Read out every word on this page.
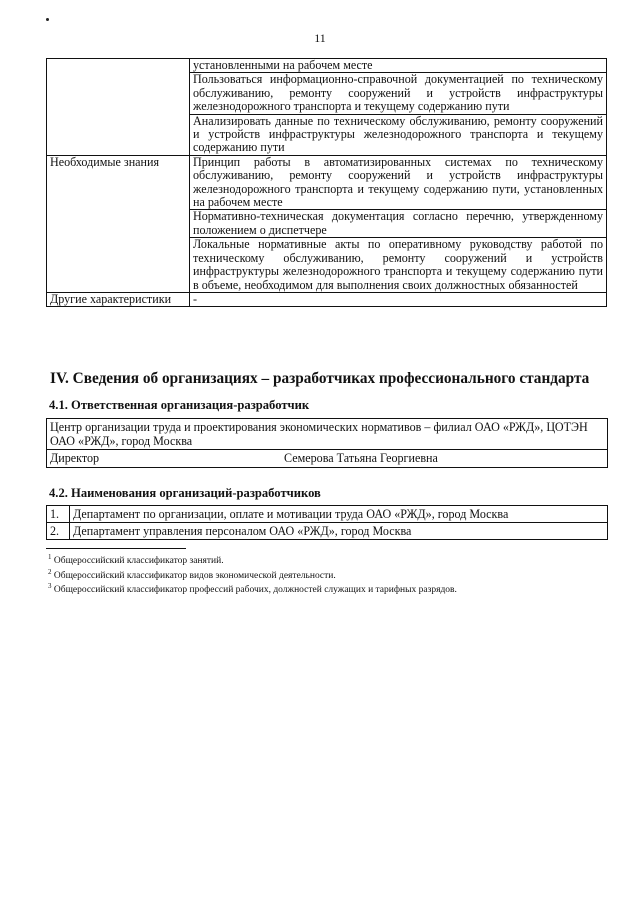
11
	установленными на рабочем месте
	Пользоваться информационно-справочной документацией по техническому обслуживанию, ремонту сооружений и устройств инфраструктуры железнодорожного транспорта и текущему содержанию пути
	Анализировать данные по техническому обслуживанию, ремонту сооружений и устройств инфраструктуры железнодорожного транспорта и текущему содержанию пути
Необходимые знания	Принцип работы в автоматизированных системах по техническому обслуживанию, ремонту сооружений и устройств инфраструктуры железнодорожного транспорта и текущему содержанию пути, установленных на рабочем месте
	Нормативно-техническая документация согласно перечню, утвержденному положением о диспетчере
	Локальные нормативные акты по оперативному руководству работой по техническому обслуживанию, ремонту сооружений и устройств инфраструктуры железнодорожного транспорта и текущему содержанию пути в объеме, необходимом для выполнения своих должностных обязанностей
Другие характеристики	-
IV. Сведения об организациях – разработчиках профессионального стандарта
4.1. Ответственная организация-разработчик
Центр организации труда и проектирования экономических нормативов – филиал ОАО «РЖД», ЦОТЭН ОАО «РЖД», город Москва

Директор	Семерова Татьяна Георгиевна
4.2. Наименования организаций-разработчиков
1.	Департамент по организации, оплате и мотивации труда ОАО «РЖД», город Москва
2.	Департамент управления персоналом ОАО «РЖД», город Москва
$^1$ Общероссийский классификатор занятий.
$^2$ Общероссийский классификатор видов экономической деятельности.
$^3$ Общероссийский классификатор профессий рабочих, должностей служащих и тарифных разрядов.
